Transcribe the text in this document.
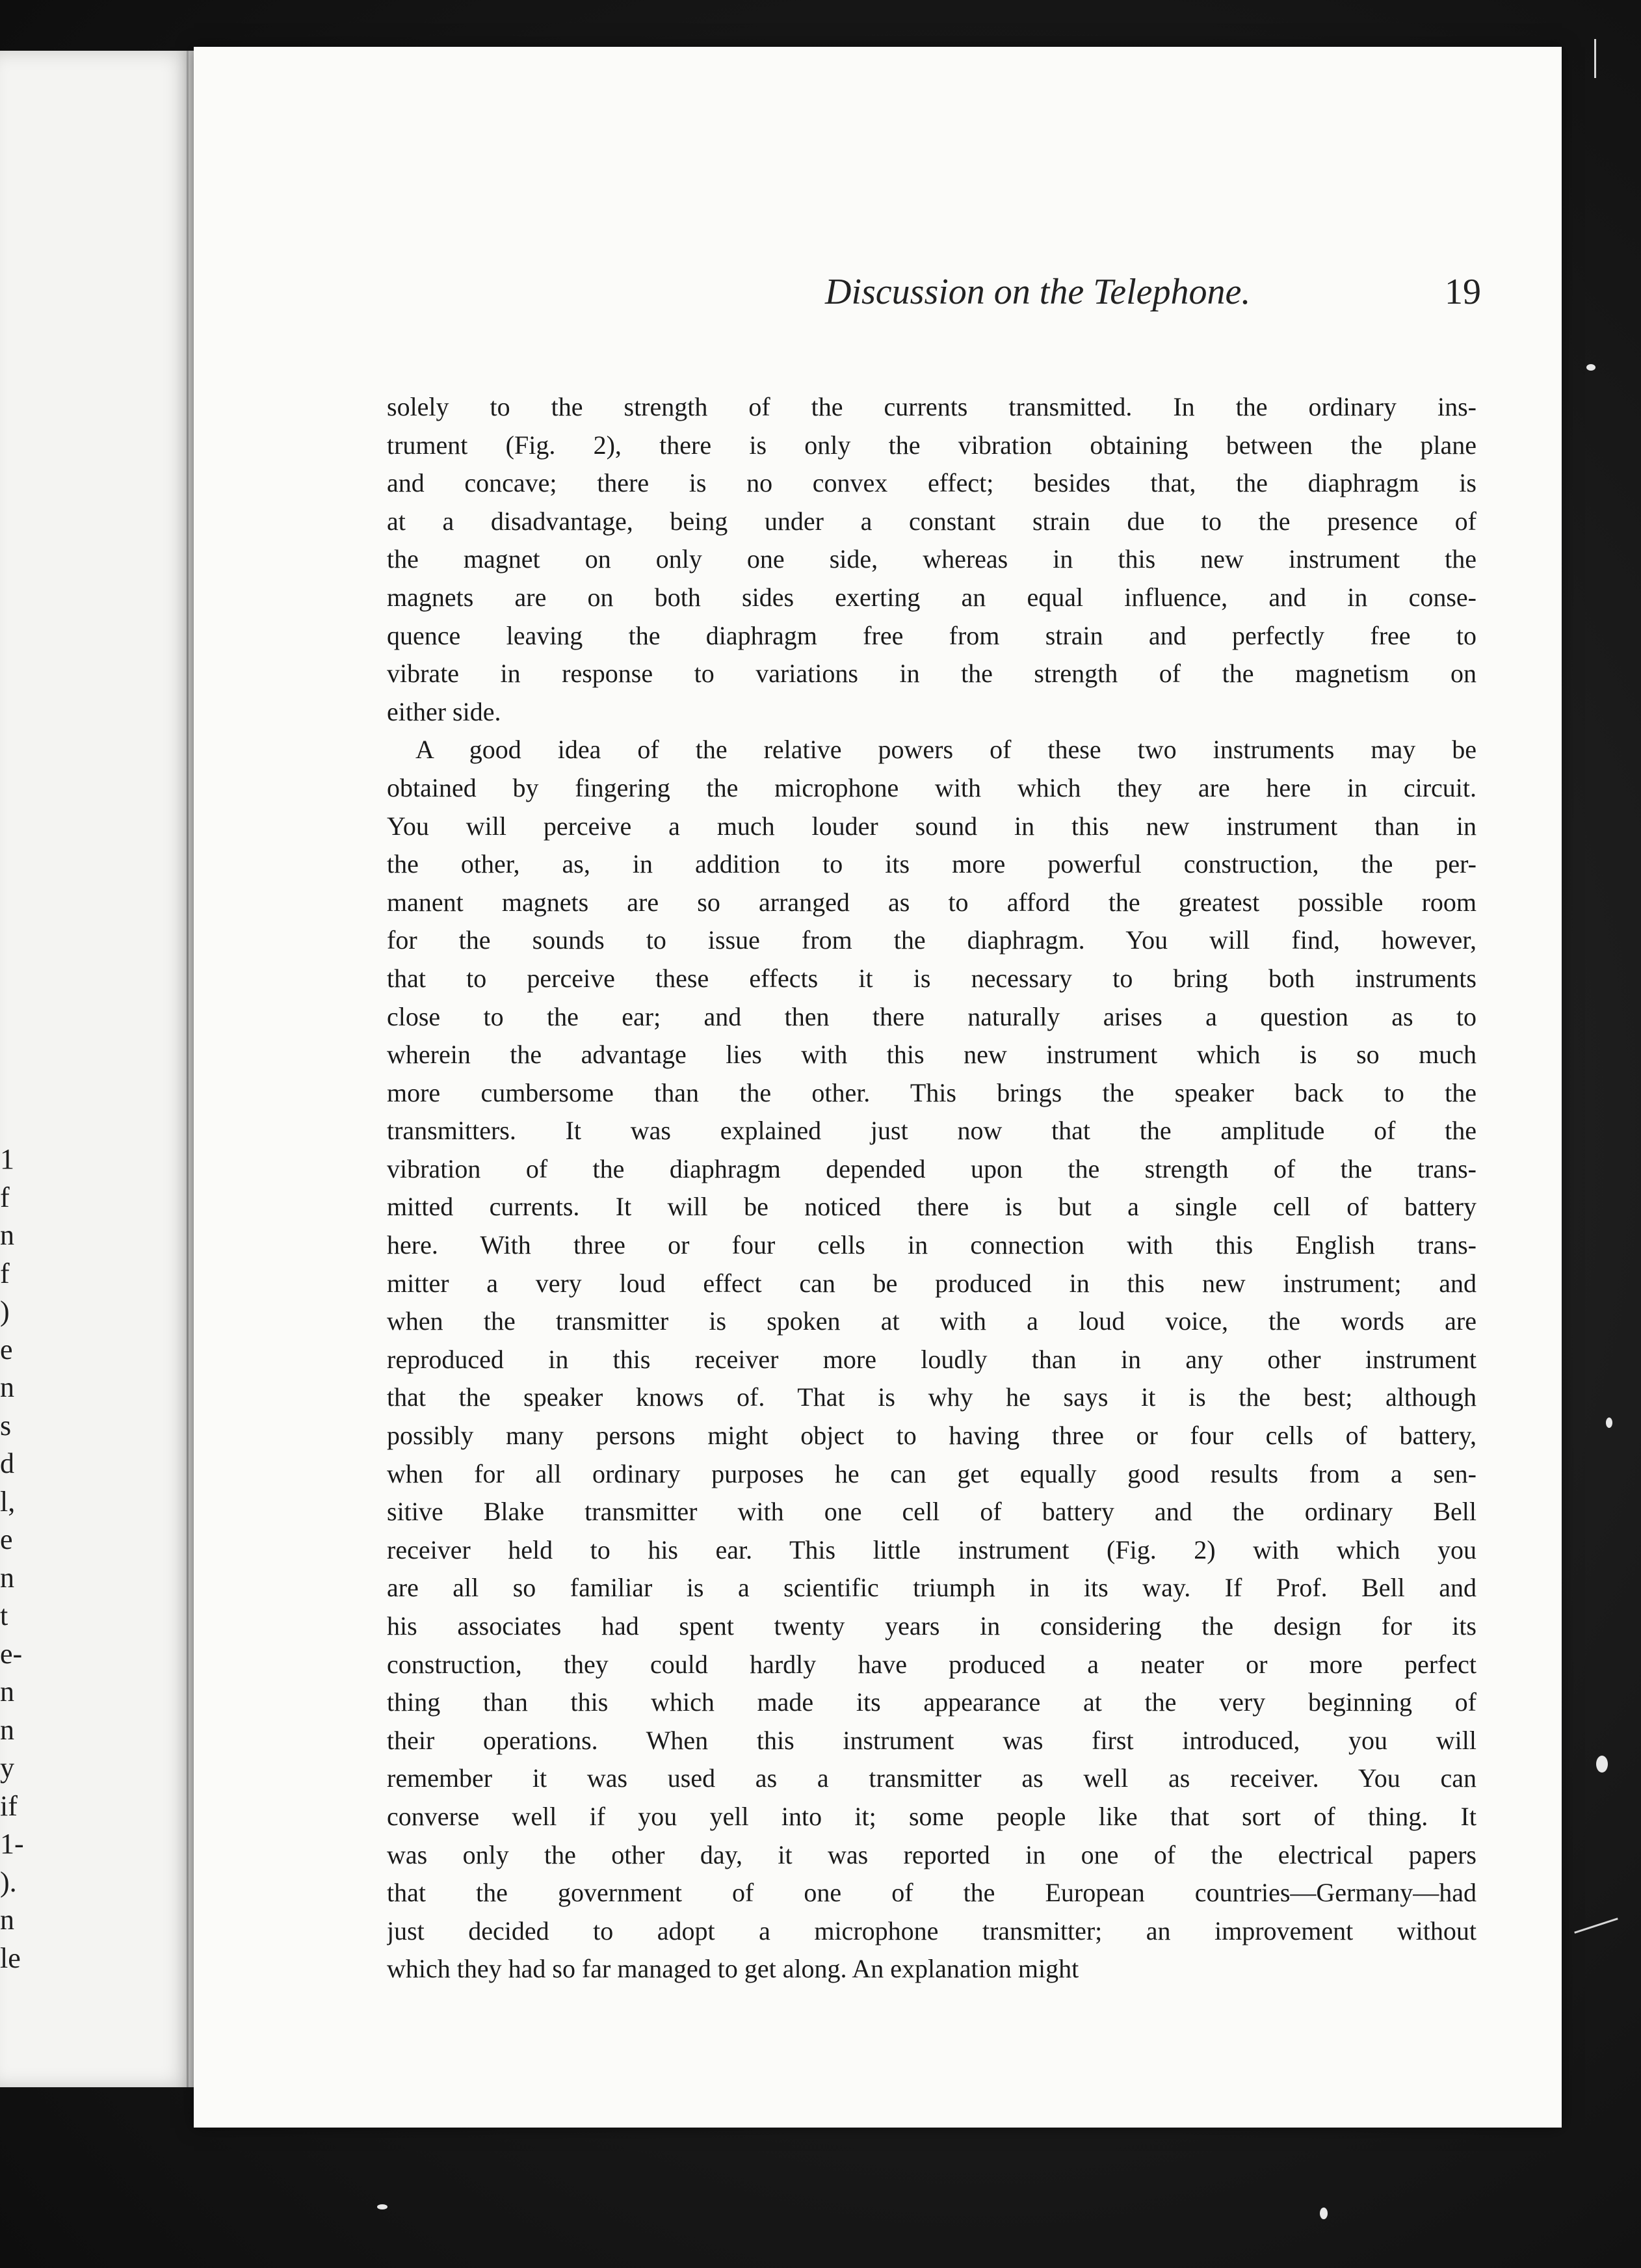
1
f
n
f
)
e
n
s
d
l,
e
n
t
e-
n
n
y
if
1-
).
n
le
Discussion on the Telephone.	19

solely to the strength of the currents transmitted. In the ordinary ins-
trument (Fig. 2), there is only the vibration obtaining between the plane
and concave; there is no convex effect; besides that, the diaphragm is
at a disadvantage, being under a constant strain due to the presence of
the magnet on only one side, whereas in this new instrument the
magnets are on both sides exerting an equal influence, and in conse-
quence leaving the diaphragm free from strain and perfectly free to
vibrate in response to variations in the strength of the magnetism on
either side.

A good idea of the relative powers of these two instruments may be
obtained by fingering the microphone with which they are here in circuit.
You will perceive a much louder sound in this new instrument than in
the other, as, in addition to its more powerful construction, the per-
manent magnets are so arranged as to afford the greatest possible room
for the sounds to issue from the diaphragm. You will find, however,
that to perceive these effects it is necessary to bring both instruments
close to the ear; and then there naturally arises a question as to
wherein the advantage lies with this new instrument which is so much
more cumbersome than the other. This brings the speaker back to the
transmitters. It was explained just now that the amplitude of the
vibration of the diaphragm depended upon the strength of the trans-
mitted currents. It will be noticed there is but a single cell of battery
here. With three or four cells in connection with this English trans-
mitter a very loud effect can be produced in this new instrument; and
when the transmitter is spoken at with a loud voice, the words are
reproduced in this receiver more loudly than in any other instrument
that the speaker knows of. That is why he says it is the best; although
possibly many persons might object to having three or four cells of battery,
when for all ordinary purposes he can get equally good results from a sen-
sitive Blake transmitter with one cell of battery and the ordinary Bell
receiver held to his ear. This little instrument (Fig. 2) with which you
are all so familiar is a scientific triumph in its way. If Prof. Bell and
his associates had spent twenty years in considering the design for its
construction, they could hardly have produced a neater or more perfect
thing than this which made its appearance at the very beginning of
their operations. When this instrument was first introduced, you will
remember it was used as a transmitter as well as receiver. You can
converse well if you yell into it; some people like that sort of thing. It
was only the other day, it was reported in one of the electrical papers
that the government of one of the European countries—Germany—had
just decided to adopt a microphone transmitter; an improvement without
which they had so far managed to get along. An explanation might
